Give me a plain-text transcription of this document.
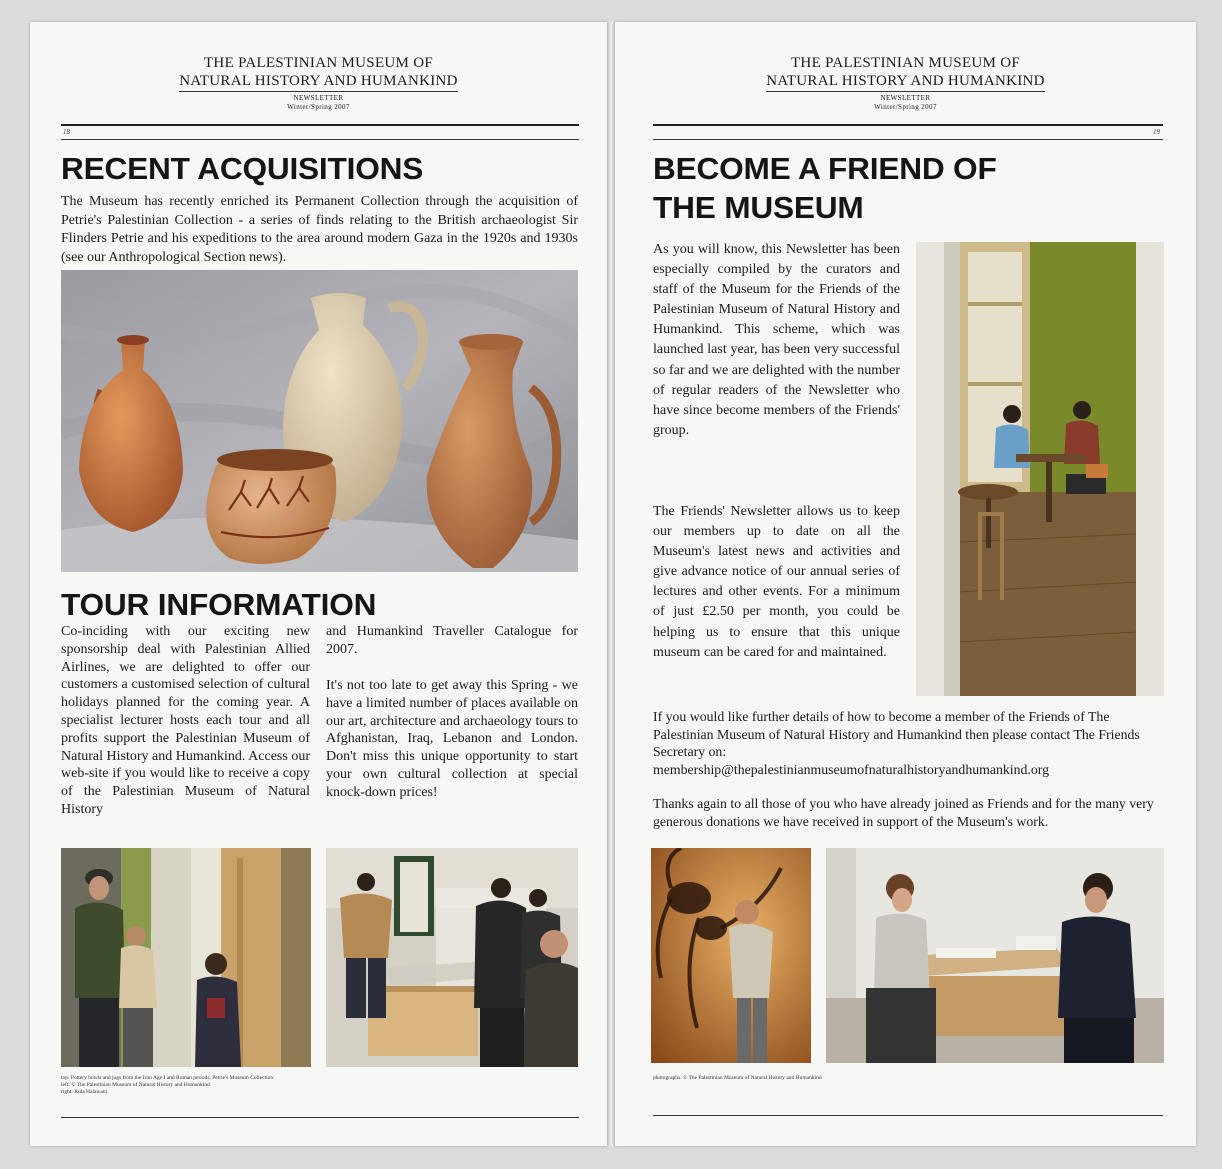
THE PALESTINIAN MUSEUM OF
NATURAL HISTORY AND HUMANKIND
NEWSLETTER
Winter/Spring 2007
18
RECENT ACQUISITIONS

The Museum has recently enriched its Permanent Collection through the acquisition of Petrie's Palestinian Collection - a series of finds relating to the British archaeologist Sir Flinders Petrie and his expeditions to the area around modern Gaza in the 1920s and 1930s (see our Anthropological Section news).

TOUR INFORMATION

Co-inciding with our exciting new sponsorship deal with Palestinian Allied Airlines, we are delighted to offer our customers a customised selection of cultural holidays planned for the coming year. A specialist lecturer hosts each tour and all profits support the Palestinian Museum of Natural History and Humankind. Access our web-site if you would like to receive a copy of the Palestinian Museum of Natural History

and Humankind Traveller Catalogue for 2007.

It's not too late to get away this Spring - we have a limited number of places available on our art, architecture and archaeology tours to Afghanistan, Iraq, Lebanon and London. Don't miss this unique opportunity to start your own cultural collection at special knock-down prices!

top: Pottery bowls and jugs from the Iron Age I and Roman periods, Petrie's Museum Collection
left: © The Palestinian Museum of Natural History and Humankind
right: Rula Halawani
THE PALESTINIAN MUSEUM OF
NATURAL HISTORY AND HUMANKIND
NEWSLETTER
Winter/Spring 2007
19
BECOME A FRIEND OF
THE MUSEUM

As you will know, this Newsletter has been especially compiled by the curators and staff of the Museum for the Friends of the Palestinian Museum of Natural History and Humankind. This scheme, which was launched last year, has been very successful so far and we are delighted with the number of regular readers of the Newsletter who have since become members of the Friends' group.

The Friends' Newsletter allows us to keep our members up to date on all the Museum's latest news and activities and give advance notice of our annual series of lectures and other events. For a minimum of just £2.50 per month, you could be helping us to ensure that this unique museum can be cared for and maintained.

If you would like further details of how to become a member of the Friends of The Palestinian Museum of Natural History and Humankind then please contact The Friends Secretary on:

membership@thepalestinianmuseumofnaturalhistoryandhumankind.org

Thanks again to all those of you who have already joined as Friends and for the many very generous donations we have received in support of the Museum's work.

photographs: © The Palestinian Museum of Natural History and Humankind
